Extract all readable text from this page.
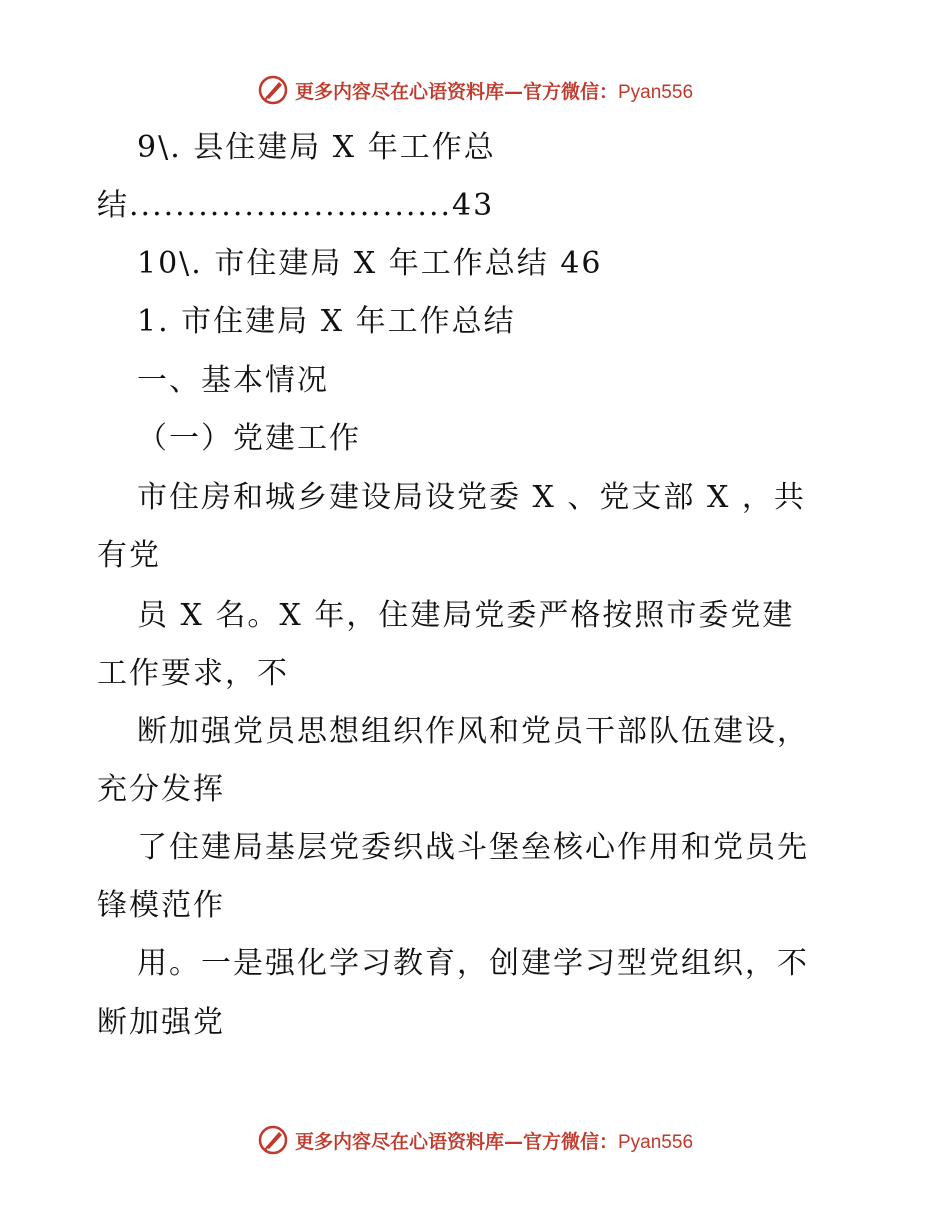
更多内容尽在心语资料库—官方微信：Pyan556
9\. 县住建局 X 年工作总
结............................43
10\. 市住建局 X 年工作总结 46
1. 市住建局 X 年工作总结
一、基本情况
（一）党建工作
市住房和城乡建设局设党委 X 、党支部 X ，共
有党
员 X 名。X 年，住建局党委严格按照市委党建
工作要求，不
断加强党员思想组织作风和党员干部队伍建设，
充分发挥
了住建局基层党委织战斗堡垒核心作用和党员先
锋模范作
用。一是强化学习教育，创建学习型党组织，不
断加强党
更多内容尽在心语资料库—官方微信：Pyan556
